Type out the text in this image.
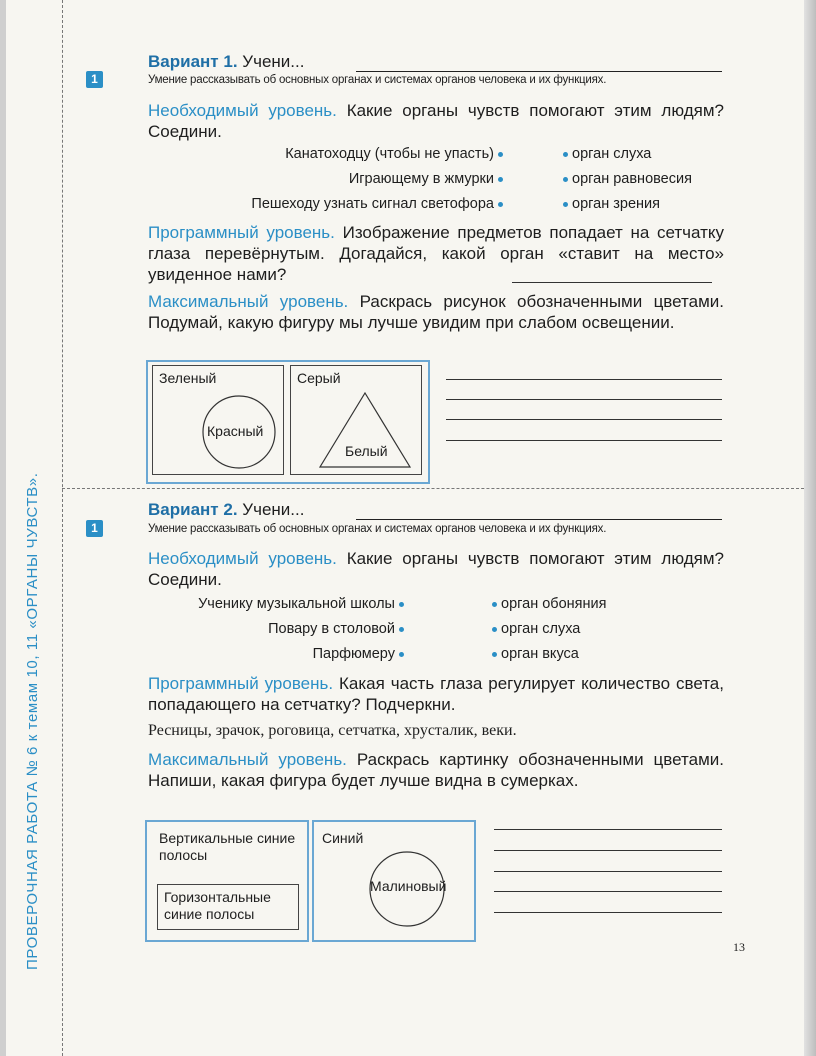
ПРОВЕРОЧНАЯ РАБОТА № 6 к темам 10, 11 «ОРГАНЫ ЧУВСТВ».	13
1
Вариант 1. Учени...
Умение рассказывать об основных органах и системах органов человека и их функциях.
Необходимый уровень. Какие органы чувств помогают этим людям? Соедини.
Канатоходцу (чтобы не упасть)
Играющему в жмурки
Пешеходу узнать сигнал светофора
орган слуха
орган равновесия
орган зрения
Программный уровень. Изображение предметов попадает на сетчатку глаза перевёрнутым. Догадайся, какой орган «ставит на место» увиденное нами?
Максимальный уровень. Раскрась рисунок обозначенными цветами. Подумай, какую фигуру мы лучше увидим при слабом освещении.
Зеленый
Красный
Серый
Белый
1
Вариант 2. Учени...
Умение рассказывать об основных органах и системах органов человека и их функциях.
Необходимый уровень. Какие органы чувств помогают этим людям? Соедини.
Ученику музыкальной школы
Повару в столовой
Парфюмеру
орган обоняния
орган слуха
орган вкуса
Программный уровень. Какая часть глаза регулирует количество света, попадающего на сетчатку? Подчеркни.
Ресницы, зрачок, роговица, сетчатка, хрусталик, веки.
Максимальный уровень. Раскрась картинку обозначенными цветами. Напиши, какая фигура будет лучше видна в сумерках.
Вертикальные синие полосы
Горизонтальные синие полосы
Синий
Малиновый
